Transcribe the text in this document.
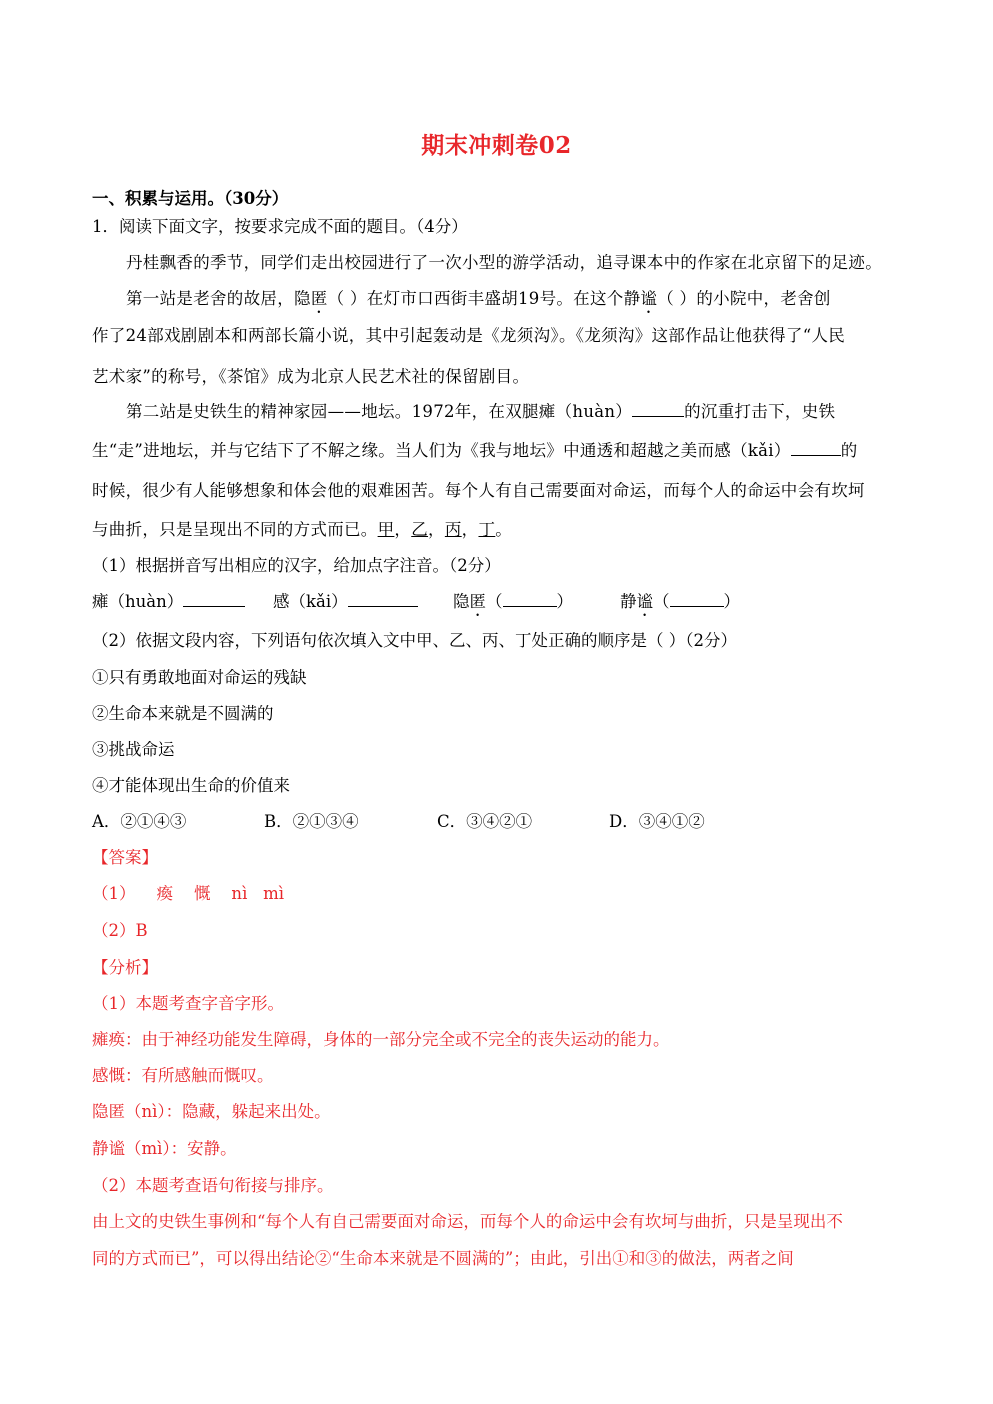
期末冲刺卷02
一、积累与运用。（30分）
1．阅读下面文字，按要求完成不面的题目。（4分）
丹桂飘香的季节，同学们走出校园进行了一次小型的游学活动，追寻课本中的作家在北京留下的足迹。
第一站是老舍的故居，隐匿（ ）在灯市口西街丰盛胡19号。在这个静谧（ ）的小院中，老舍创
作了24部戏剧剧本和两部长篇小说，其中引起轰动是《龙须沟》。《龙须沟》这部作品让他获得了“人民
艺术家”的称号，《茶馆》成为北京人民艺术社的保留剧目。
第二站是史铁生的精神家园——地坛。1972年，在双腿瘫（huàn）	的沉重打击下，史铁
生“走”进地坛，并与它结下了不解之缘。当人们为《我与地坛》中通透和超越之美而感（kǎi）	的
时候，很少有人能够想象和体会他的艰难困苦。每个人有自己需要面对命运，而每个人的命运中会有坎坷
与曲折，只是呈现出不同的方式而已。甲，乙，丙，丁。
（1）根据拼音写出相应的汉字，给加点字注音。（2分）
瘫（huàn）	感（kǎi）	隐匿（	）	静谧（	）
（2）依据文段内容，下列语句依次填入文中甲、乙、丙、丁处正确的顺序是（ ）（2分）
①只有勇敢地面对命运的残缺
②生命本来就是不圆满的
③挑战命运
④才能体现出生命的价值来
A．②①④③	B．②①③④	C．③④②①	D．③④①②
【答案】
（1）    瘓    慨    nì   mì
（2）B
【分析】
（1）本题考查字音字形。
瘫痪：由于神经功能发生障碍，身体的一部分完全或不完全的丧失运动的能力。
感慨：有所感触而慨叹。
隐匿（nì）：隐藏，躲起来出处。
静谧（mì）：安静。
（2）本题考查语句衔接与排序。
由上文的史铁生事例和“每个人有自己需要面对命运，而每个人的命运中会有坎坷与曲折，只是呈现出不
同的方式而已”，可以得出结论②“生命本来就是不圆满的”；由此，引出①和③的做法，两者之间
